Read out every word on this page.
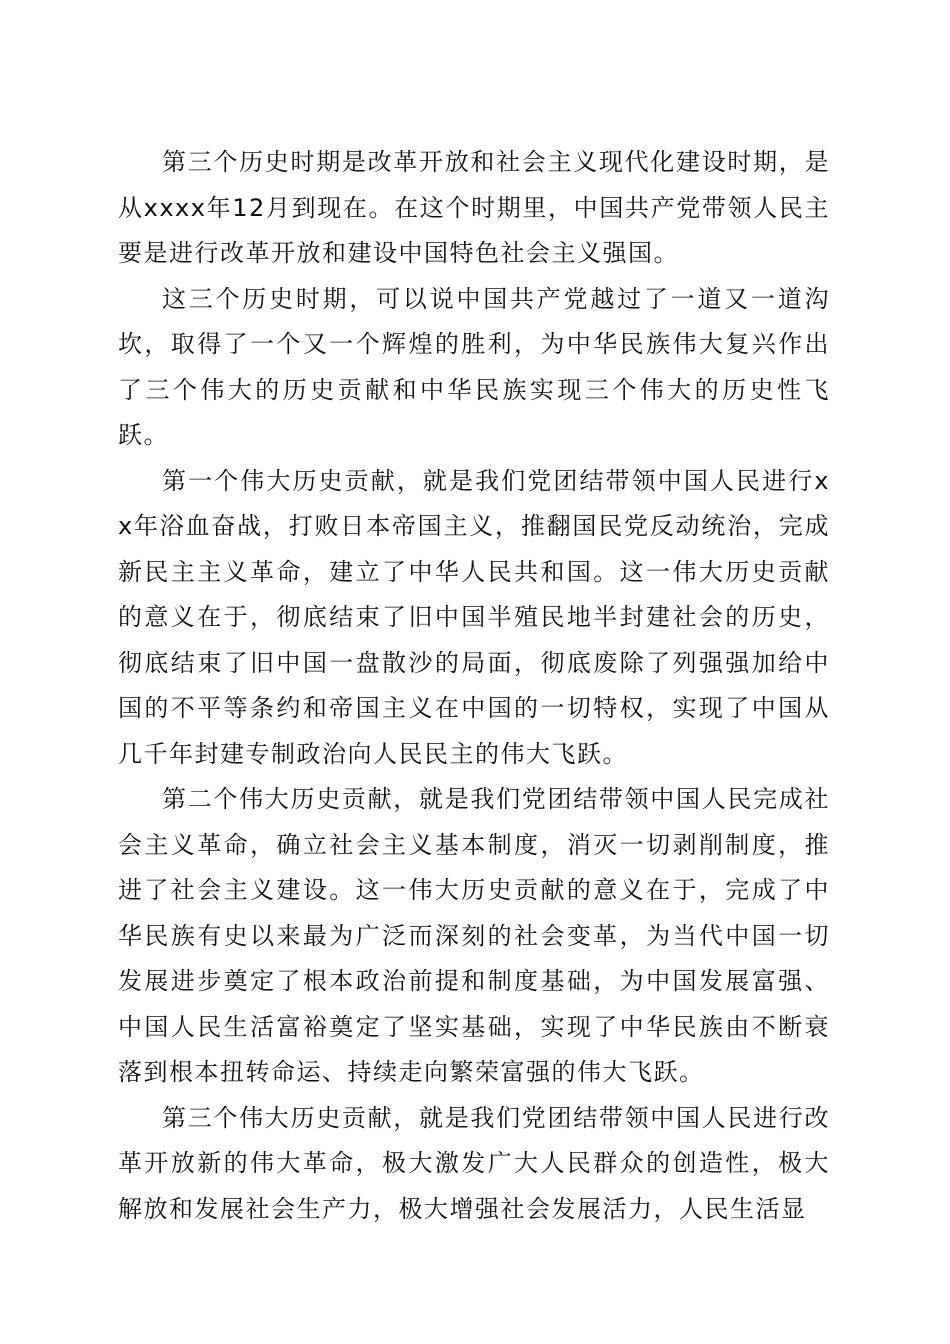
第三个历史时期是改革开放和社会主义现代化建设时期，是从xxxx年12月到现在。在这个时期里，中国共产党带领人民主要是进行改革开放和建设中国特色社会主义强国。

这三个历史时期，可以说中国共产党越过了一道又一道沟坎，取得了一个又一个辉煌的胜利，为中华民族伟大复兴作出了三个伟大的历史贡献和中华民族实现三个伟大的历史性飞跃。

第一个伟大历史贡献，就是我们党团结带领中国人民进行xx年浴血奋战，打败日本帝国主义，推翻国民党反动统治，完成新民主主义革命，建立了中华人民共和国。这一伟大历史贡献的意义在于，彻底结束了旧中国半殖民地半封建社会的历史，彻底结束了旧中国一盘散沙的局面，彻底废除了列强强加给中国的不平等条约和帝国主义在中国的一切特权，实现了中国从几千年封建专制政治向人民民主的伟大飞跃。

第二个伟大历史贡献，就是我们党团结带领中国人民完成社会主义革命，确立社会主义基本制度，消灭一切剥削制度，推进了社会主义建设。这一伟大历史贡献的意义在于，完成了中华民族有史以来最为广泛而深刻的社会变革，为当代中国一切发展进步奠定了根本政治前提和制度基础，为中国发展富强、中国人民生活富裕奠定了坚实基础，实现了中华民族由不断衰落到根本扭转命运、持续走向繁荣富强的伟大飞跃。

第三个伟大历史贡献，就是我们党团结带领中国人民进行改革开放新的伟大革命，极大激发广大人民群众的创造性，极大解放和发展社会生产力，极大增强社会发展活力，人民生活显
